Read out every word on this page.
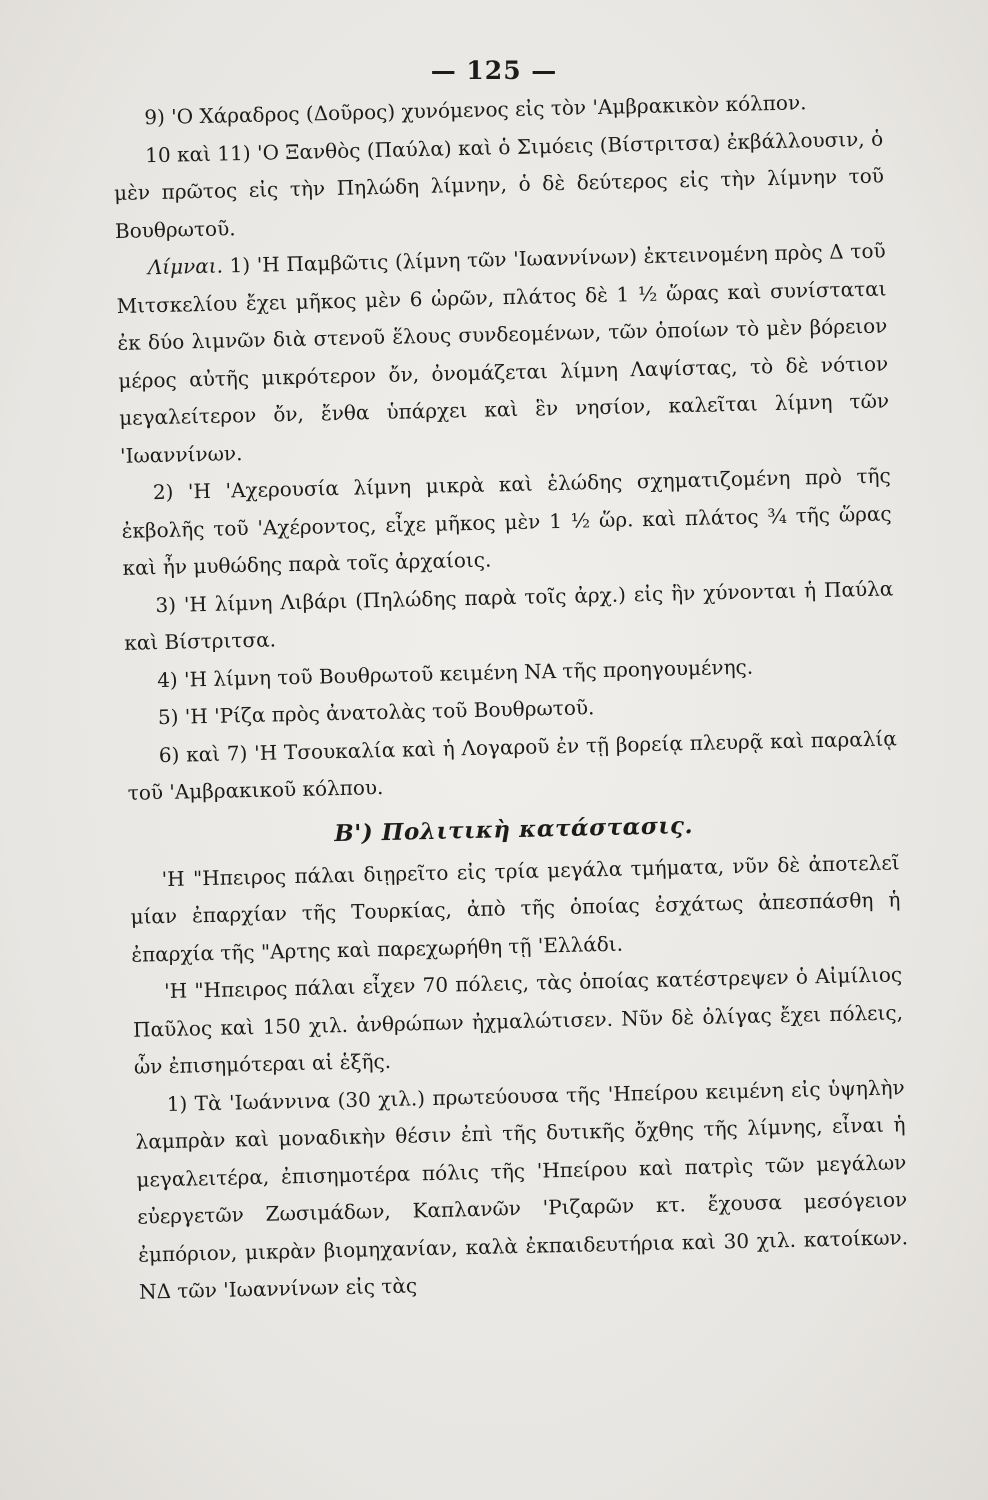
— 125 —

9) 'Ο Χάραδρος (Δοῦρος) χυνόμενος εἰς τὸν 'Αμβρακικὸν κόλπον.

10 καὶ 11) 'Ο Ξανθὸς (Παύλα) καὶ ὁ Σιμόεις (Βίστριτσα) ἐκβάλλουσιν, ὁ μὲν πρῶτος εἰς τὴν Πηλώδη λίμνην, ὁ δὲ δεύτερος εἰς τὴν λίμνην τοῦ Βουθρωτοῦ.

Λίμναι. 1) 'Η Παμβῶτις (λίμνη τῶν 'Ιωαννίνων) ἐκτεινομένη πρὸς Δ τοῦ Μιτσκελίου ἔχει μῆκος μὲν 6 ὡρῶν, πλάτος δὲ 1 ½ ὥρας καὶ συνίσταται ἐκ δύο λιμνῶν διὰ στενοῦ ἕλους συνδεομένων, τῶν ὁποίων τὸ μὲν βόρειον μέρος αὐτῆς μικρότερον ὄν, ὀνομάζεται λίμνη Λαψίστας, τὸ δὲ νότιον μεγαλείτερον ὄν, ἔνθα ὑπάρχει καὶ ἓν νησίον, καλεῖται λίμνη τῶν 'Ιωαννίνων.

2) 'Η 'Αχερουσία λίμνη μικρὰ καὶ ἑλώδης σχηματιζομένη πρὸ τῆς ἐκβολῆς τοῦ 'Αχέροντος, εἶχε μῆκος μὲν 1 ½ ὥρ. καὶ πλάτος ¾ τῆς ὥρας καὶ ἦν μυθώδης παρὰ τοῖς ἀρχαίοις.

3) 'Η λίμνη Λιβάρι (Πηλώδης παρὰ τοῖς ἀρχ.) εἰς ἣν χύνονται ἡ Παύλα καὶ Βίστριτσα.

4) 'Η λίμνη τοῦ Βουθρωτοῦ κειμένη ΝΑ τῆς προηγουμένης.

5) 'Η 'Ρίζα πρὸς ἀνατολὰς τοῦ Βουθρωτοῦ.

6) καὶ 7) 'Η Τσουκαλία καὶ ἡ Λογαροῦ ἐν τῇ βορείᾳ πλευρᾷ καὶ παραλίᾳ τοῦ 'Αμβρακικοῦ κόλπου.

Β') Πολιτικὴ κατάστασις.

'Η "Ηπειρος πάλαι διῃρεῖτο εἰς τρία μεγάλα τμήματα, νῦν δὲ ἀποτελεῖ μίαν ἐπαρχίαν τῆς Τουρκίας, ἀπὸ τῆς ὁποίας ἐσχάτως ἀπεσπάσθη ἡ ἐπαρχία τῆς "Αρτης καὶ παρεχωρήθη τῇ 'Ελλάδι.

'Η "Ηπειρος πάλαι εἶχεν 70 πόλεις, τὰς ὁποίας κατέστρεψεν ὁ Αἰμίλιος Παῦλος καὶ 150 χιλ. ἀνθρώπων ἠχμαλώτισεν. Νῦν δὲ ὀλίγας ἔχει πόλεις, ὧν ἐπισημότεραι αἱ ἑξῆς.

1) Τὰ 'Ιωάννινα (30 χιλ.) πρωτεύουσα τῆς 'Ηπείρου κειμένη εἰς ὑψηλὴν λαμπρὰν καὶ μοναδικὴν θέσιν ἐπὶ τῆς δυτικῆς ὄχθης τῆς λίμνης, εἶναι ἡ μεγαλειτέρα, ἐπισημοτέρα πόλις τῆς 'Ηπείρου καὶ πατρὶς τῶν μεγάλων εὐεργετῶν Ζωσιμάδων, Καπλανῶν 'Ριζαρῶν κτ. ἔχουσα μεσόγειον ἐμπόριον, μικρὰν βιομηχανίαν, καλὰ ἐκπαιδευτήρια καὶ 30 χιλ. κατοίκων. ΝΔ τῶν 'Ιωαννίνων εἰς τὰς
